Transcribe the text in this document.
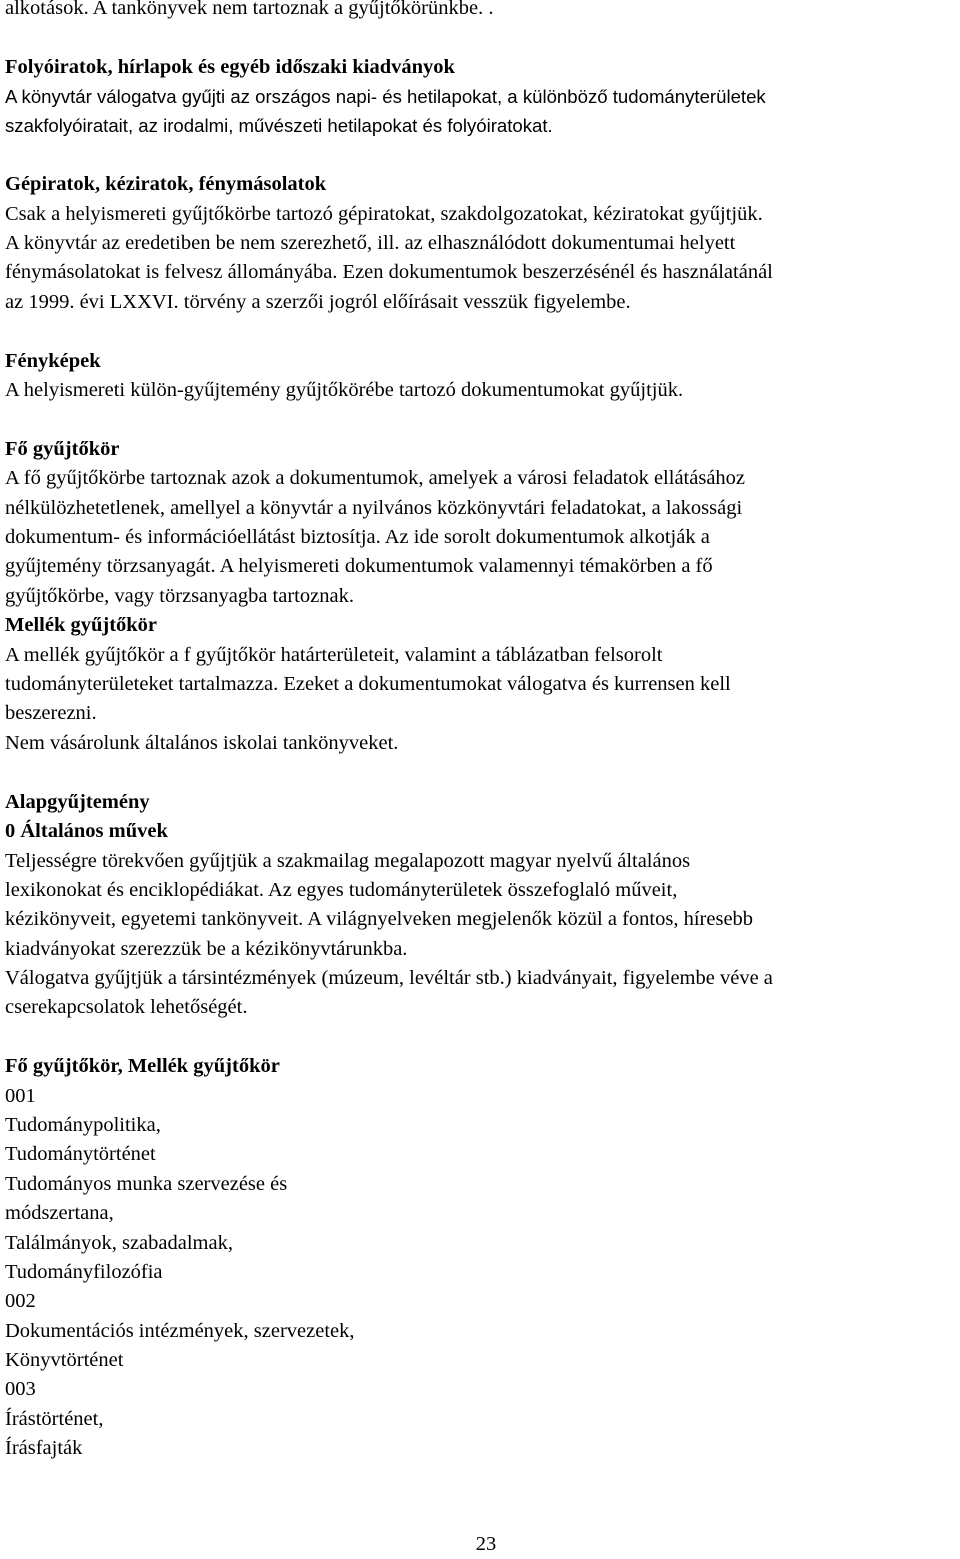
alkotások. A tankönyvek nem tartoznak a gyűjtőkörünkbe. .
Folyóiratok, hírlapok és egyéb időszaki kiadványok
A könyvtár válogatva gyűjti az országos napi- és hetilapokat, a különböző tudományterületek
szakfolyóiratait, az irodalmi, művészeti hetilapokat és folyóiratokat.
Gépiratok, kéziratok, fénymásolatok
Csak a helyismereti gyűjtőkörbe tartozó gépiratokat, szakdolgozatokat, kéziratokat gyűjtjük.
A könyvtár az eredetiben be nem szerezhető, ill. az elhasználódott dokumentumai helyett
fénymásolatokat is felvesz állományába. Ezen dokumentumok beszerzésénél és használatánál
az 1999. évi LXXVI. törvény a szerzői jogról előírásait vesszük figyelembe.
Fényképek
A helyismereti külön-gyűjtemény gyűjtőkörébe tartozó dokumentumokat gyűjtjük.
Fő gyűjtőkör
A fő gyűjtőkörbe tartoznak azok a dokumentumok, amelyek a városi feladatok ellátásához
nélkülözhetetlenek, amellyel a könyvtár a nyilvános közkönyvtári feladatokat, a lakossági
dokumentum- és információellátást biztosítja. Az ide sorolt dokumentumok alkotják a
gyűjtemény törzsanyagát. A helyismereti dokumentumok valamennyi témakörben a fő
gyűjtőkörbe, vagy törzsanyagba tartoznak.
Mellék gyűjtőkör
A mellék gyűjtőkör a f gyűjtőkör határterületeit, valamint a táblázatban felsorolt
tudományterületeket tartalmazza. Ezeket a dokumentumokat válogatva és kurrensen kell
beszerezni.
Nem vásárolunk általános iskolai tankönyveket.
Alapgyűjtemény
0 Általános művek
Teljességre törekvően gyűjtjük a szakmailag megalapozott magyar nyelvű általános
lexikonokat és enciklopédiákat. Az egyes tudományterületek összefoglaló műveit,
kézikönyveit, egyetemi tankönyveit. A világnyelveken megjelenők közül a fontos, híresebb
kiadványokat szerezzük be a kézikönyvtárunkba.
Válogatva gyűjtjük a társintézmények (múzeum, levéltár stb.) kiadványait, figyelembe véve a
cserekapcsolatok lehetőségét.
Fő gyűjtőkör, Mellék gyűjtőkör
001
Tudománypolitika,
Tudománytörténet
Tudományos munka szervezése és
módszertana,
Találmányok, szabadalmak,
Tudományfilozófia
002
Dokumentációs intézmények, szervezetek,
Könyvtörténet
003
Írástörténet,
Írásfajták
23
